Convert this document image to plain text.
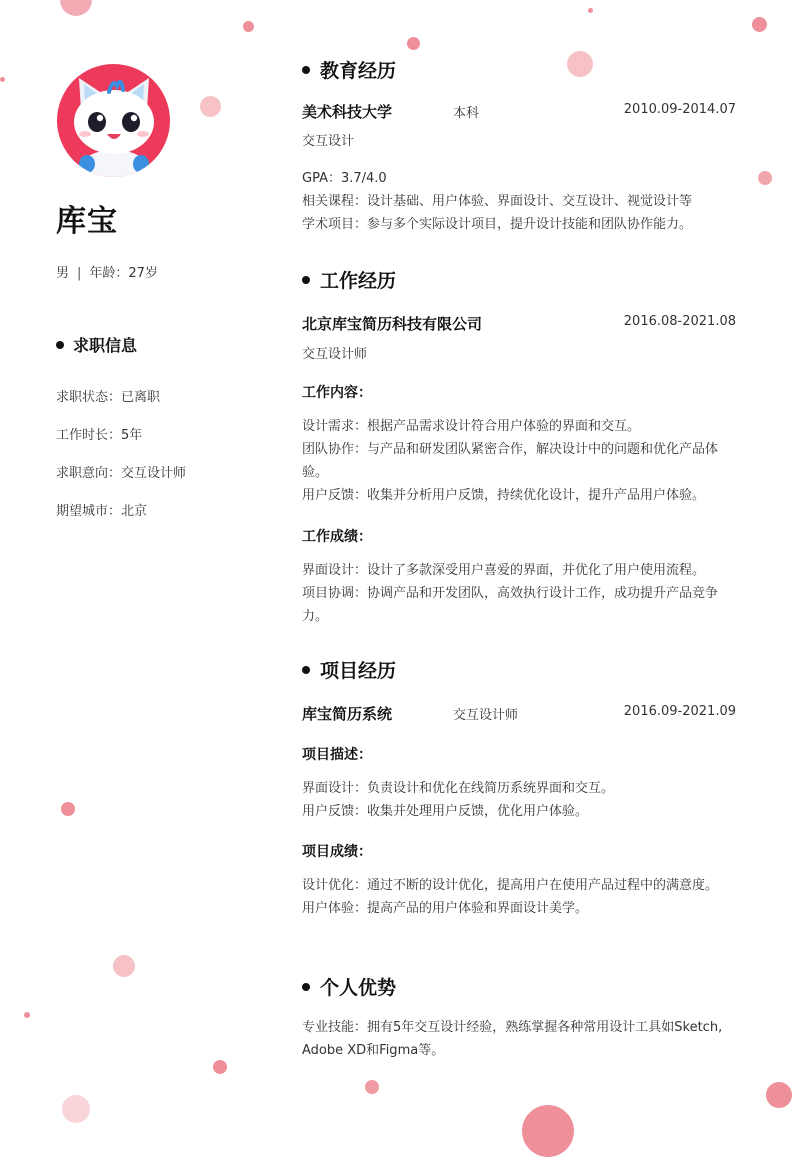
库宝
男 | 年龄：27岁
求职信息
求职状态：已离职
工作时长：5年
求职意向：交互设计师
期望城市：北京
教育经历
美术科技大学	本科	2010.09-2014.07
交互设计
GPA：3.7/4.0
相关课程：设计基础、用户体验、界面设计、交互设计、视觉设计等
学术项目：参与多个实际设计项目，提升设计技能和团队协作能力。
工作经历
北京库宝简历科技有限公司	2016.08-2021.08
交互设计师
工作内容：
设计需求：根据产品需求设计符合用户体验的界面和交互。
团队协作：与产品和研发团队紧密合作，解决设计中的问题和优化产品体验。
用户反馈：收集并分析用户反馈，持续优化设计，提升产品用户体验。
工作成绩：
界面设计：设计了多款深受用户喜爱的界面，并优化了用户使用流程。
项目协调：协调产品和开发团队，高效执行设计工作，成功提升产品竞争力。
项目经历
库宝简历系统	交互设计师	2016.09-2021.09
项目描述：
界面设计：负责设计和优化在线简历系统界面和交互。
用户反馈：收集并处理用户反馈，优化用户体验。
项目成绩：
设计优化：通过不断的设计优化，提高用户在使用产品过程中的满意度。
用户体验：提高产品的用户体验和界面设计美学。
个人优势
专业技能：拥有5年交互设计经验，熟练掌握各种常用设计工具如Sketch, Adobe XD和Figma等。
